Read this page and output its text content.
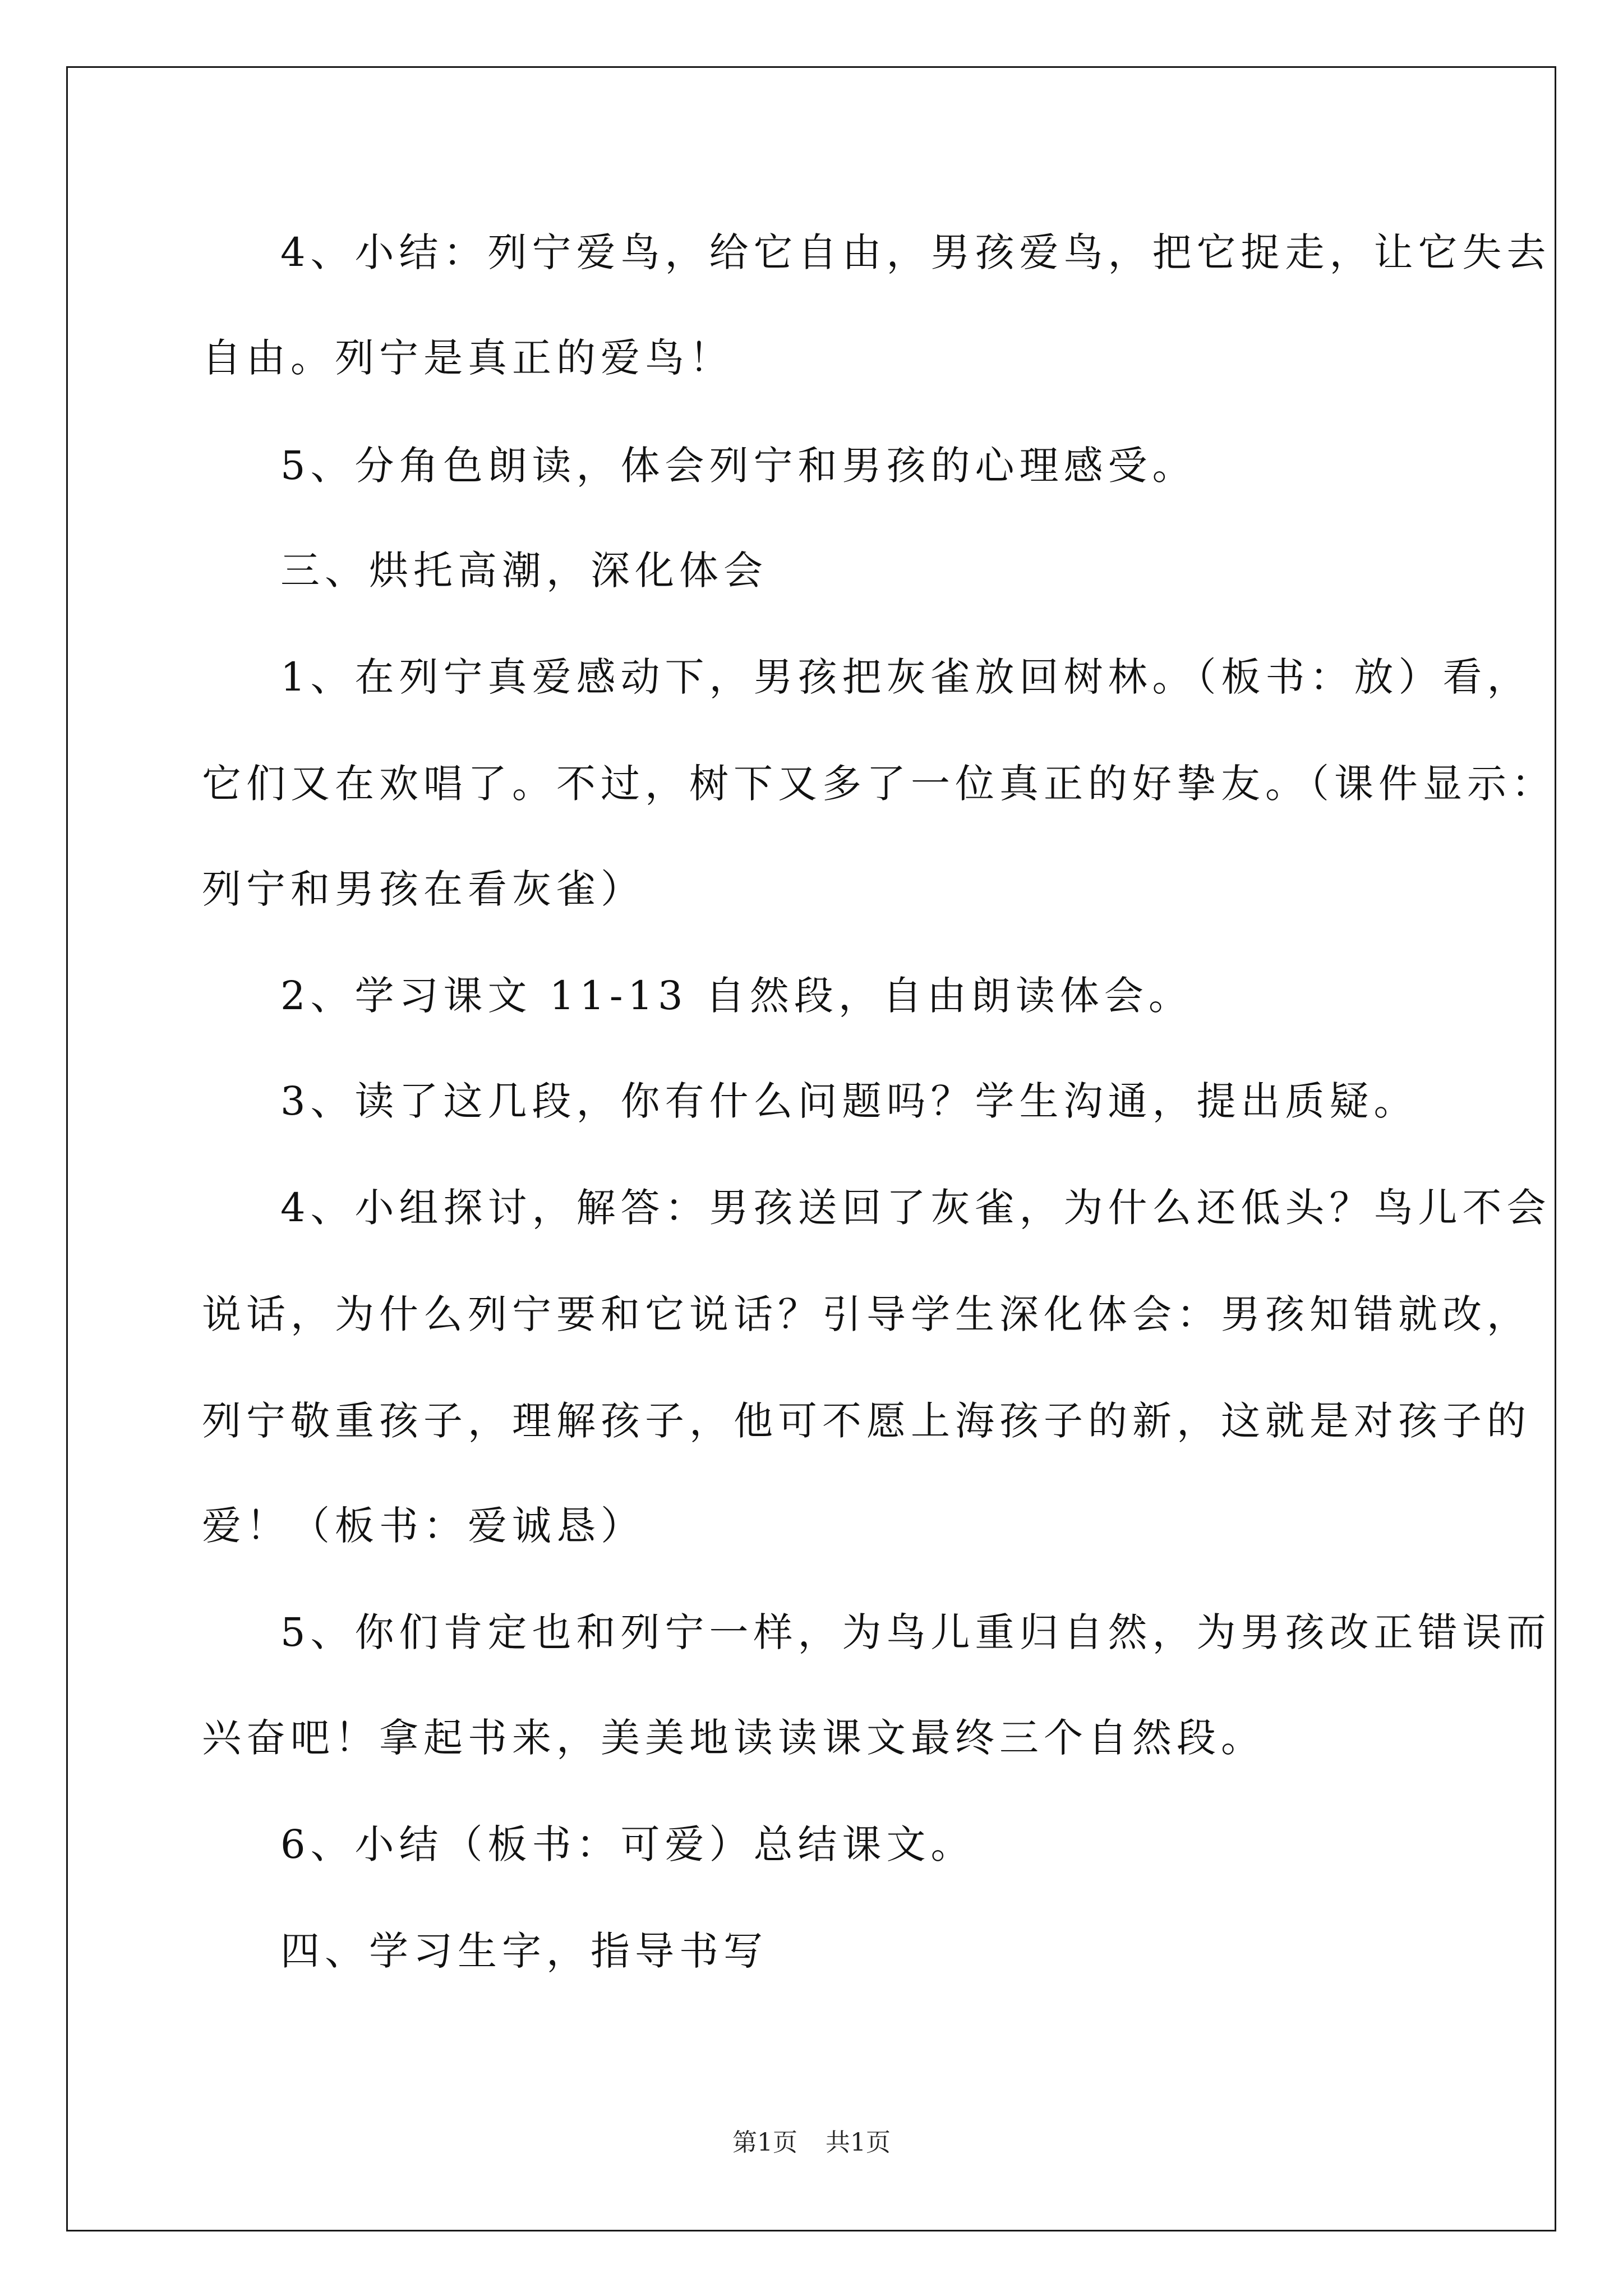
4、小结：列宁爱鸟，给它自由，男孩爱鸟，把它捉走，让它失去
自由。列宁是真正的爱鸟！
5、分角色朗读，体会列宁和男孩的心理感受。
三、烘托高潮，深化体会
1、在列宁真爱感动下，男孩把灰雀放回树林。（板书：放）看，
它们又在欢唱了。不过，树下又多了一位真正的好挚友。（课件显示：
列宁和男孩在看灰雀）
2、学习课文 11-13 自然段，自由朗读体会。
3、读了这几段，你有什么问题吗？学生沟通，提出质疑。
4、小组探讨，解答：男孩送回了灰雀，为什么还低头？鸟儿不会
说话，为什么列宁要和它说话？引导学生深化体会：男孩知错就改，
列宁敬重孩子，理解孩子，他可不愿上海孩子的新，这就是对孩子的
爱！（板书：爱诚恳）
5、你们肯定也和列宁一样，为鸟儿重归自然，为男孩改正错误而
兴奋吧！拿起书来，美美地读读课文最终三个自然段。
6、小结（板书：可爱）总结课文。
四、学习生字，指导书写
第1页 共1页
